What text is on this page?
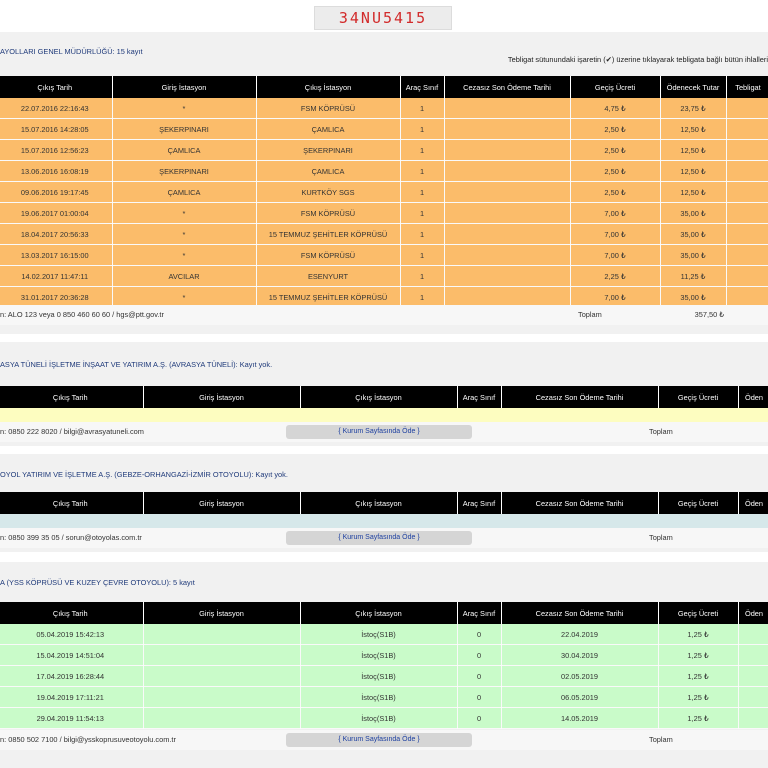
34NU5415
AYOLLARI GENEL MÜDÜRLÜĞÜ: 15 kayıt
Tebligat sütunundaki işaretin (✔) üzerine tıklayarak tebligata bağlı bütün ihlalleri
Çıkış Tarih	Giriş İstasyon	Çıkış İstasyon	Araç Sınıf	Cezasız Son Ödeme Tarihi	Geçiş Ücreti	Ödenecek Tutar	Tebligat
22.07.2016 22:16:43	*	FSM KÖPRÜSÜ	1		4,75 ₺	23,75 ₺	
15.07.2016 14:28:05	ŞEKERPINARI	ÇAMLICA	1		2,50 ₺	12,50 ₺	
15.07.2016 12:56:23	ÇAMLICA	ŞEKERPINARI	1		2,50 ₺	12,50 ₺	
13.06.2016 16:08:19	ŞEKERPINARI	ÇAMLICA	1		2,50 ₺	12,50 ₺	
09.06.2016 19:17:45	ÇAMLICA	KURTKÖY SGS	1		2,50 ₺	12,50 ₺	
19.06.2017 01:00:04	*	FSM KÖPRÜSÜ	1		7,00 ₺	35,00 ₺	
18.04.2017 20:56:33	*	15 TEMMUZ ŞEHİTLER KÖPRÜSÜ	1		7,00 ₺	35,00 ₺	
13.03.2017 16:15:00	*	FSM KÖPRÜSÜ	1		7,00 ₺	35,00 ₺	
14.02.2017 11:47:11	AVCILAR	ESENYURT	1		2,25 ₺	11,25 ₺	
31.01.2017 20:36:28	*	15 TEMMUZ ŞEHİTLER KÖPRÜSÜ	1		7,00 ₺	35,00 ₺	
n: ALO 123 veya 0 850 460 60 60 / hgs@ptt.gov.tr	Toplam	357,50 ₺
ASYA TÜNELİ İŞLETME İNŞAAT VE YATIRIM A.Ş. (AVRASYA TÜNELİ): Kayıt yok.
Çıkış Tarih	Giriş İstasyon	Çıkış İstasyon	Araç Sınıf	Cezasız Son Ödeme Tarihi	Geçiş Ücreti	Öden

n: 0850 222 8020 / bilgi@avrasyatuneli.com	{ Kurum Sayfasında Öde }	Toplam
OYOL YATIRIM VE İŞLETME A.Ş. (GEBZE-ORHANGAZİ-İZMİR OTOYOLU): Kayıt yok.
Çıkış Tarih	Giriş İstasyon	Çıkış İstasyon	Araç Sınıf	Cezasız Son Ödeme Tarihi	Geçiş Ücreti	Öden

n: 0850 399 35 05 / sorun@otoyolas.com.tr	{ Kurum Sayfasında Öde }	Toplam
A (YSS KÖPRÜSÜ VE KUZEY ÇEVRE OTOYOLU): 5 kayıt
Çıkış Tarih	Giriş İstasyon	Çıkış İstasyon	Araç Sınıf	Cezasız Son Ödeme Tarihi	Geçiş Ücreti	Öden
05.04.2019 15:42:13		İstoç(S1B)	0	22.04.2019	1,25 ₺	
15.04.2019 14:51:04		İstoç(S1B)	0	30.04.2019	1,25 ₺	
17.04.2019 16:28:44		İstoç(S1B)	0	02.05.2019	1,25 ₺	
19.04.2019 17:11:21		İstoç(S1B)	0	06.05.2019	1,25 ₺	
29.04.2019 11:54:13		İstoç(S1B)	0	14.05.2019	1,25 ₺	
n: 0850 502 7100 / bilgi@ysskoprusuveotoyolu.com.tr	{ Kurum Sayfasında Öde }	Toplam
